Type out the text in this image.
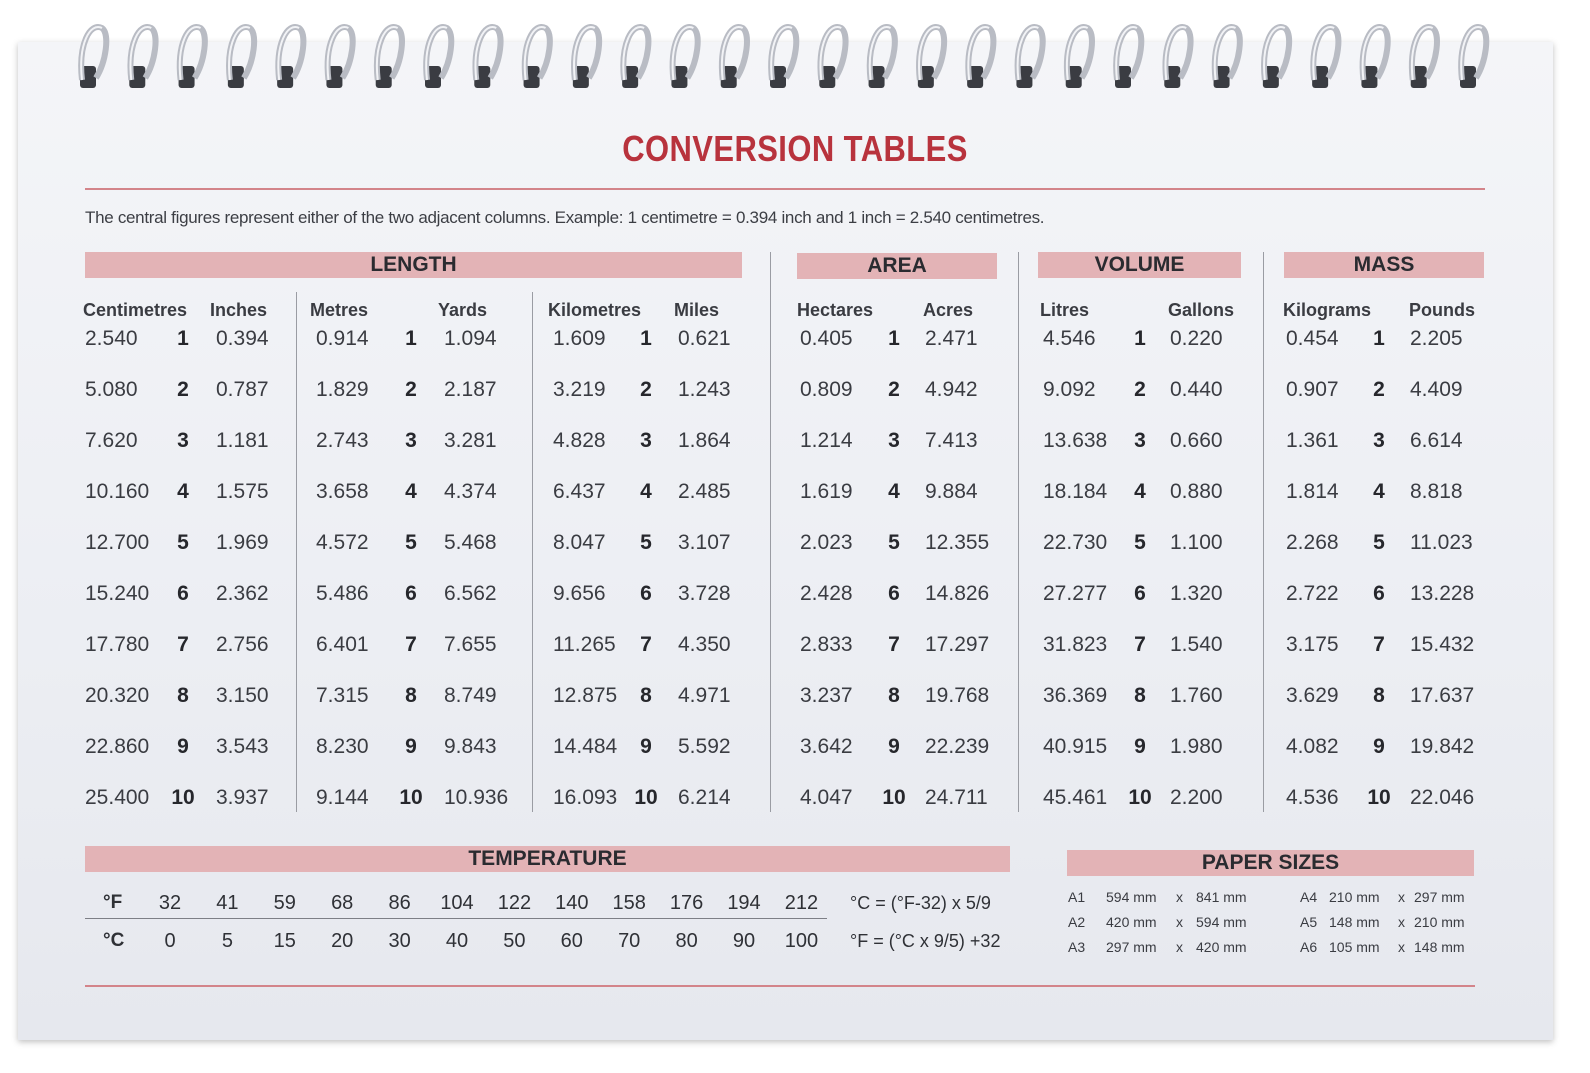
CONVERSION TABLES
The central figures represent either of the two adjacent columns. Example: 1 centimetre = 0.394 inch and 1 inch = 2.540 centimetres.
LENGTH	AREA	VOLUME	MASS
Centimetres Inches
2.540	1	0.394
5.080	2	0.787
7.620	3	1.181
10.160	4	1.575
12.700	5	1.969
15.240	6	2.362
17.780	7	2.756
20.320	8	3.150
22.860	9	3.543
25.400 10 3.937
Metres	Yards
0.914	1	1.094
1.829	2	2.187
2.743	3	3.281
3.658	4	4.374
4.572	5	5.468
5.486	6	6.562
6.401	7	7.655
7.315	8	8.749
8.230	9	9.843
9.144 10 10.936
Kilometres Miles
1.609	1	0.621
3.219	2	1.243
4.828	3	1.864
6.437	4	2.485
8.047	5	3.107
9.656	6	3.728
11.265	7	4.350
12.875	8	4.971
14.484	9	5.592
16.093 10 6.214
Hectares	Acres
0.405	1	2.471
0.809	2	4.942
1.214	3	7.413
1.619	4	9.884
2.023	5	12.355
2.428	6	14.826
2.833	7	17.297
3.237	8	19.768
3.642	9	22.239
4.047 10 24.711
Litres	Gallons
4.546	1	0.220
9.092	2	0.440
13.638	3	0.660
18.184	4	0.880
22.730	5	1.100
27.277	6	1.320
31.823	7	1.540
36.369	8	1.760
40.915	9	1.980
45.461 10 2.200
Kilograms Pounds
0.454	1	2.205
0.907	2	4.409
1.361	3	6.614
1.814	4	8.818
2.268	5	11.023
2.722	6	13.228
3.175	7	15.432
3.629	8	17.637
4.082	9	19.842
4.536 10 22.046
TEMPERATURE	PAPER SIZES
°F	32	41	59	68	86	104	122	140	158	176	194	212
°C	0	5	15	20	30	40	50	60	70	80	90	100
°C = (°F-32) x 5/9
°F = (°C x 9/5) +32
A1 594 mm x 841 mm
A2 420 mm x 594 mm
A3 297 mm x 420 mm
A4 210 mm x 297 mm
A5 148 mm x 210 mm
A6 105 mm x 148 mm
